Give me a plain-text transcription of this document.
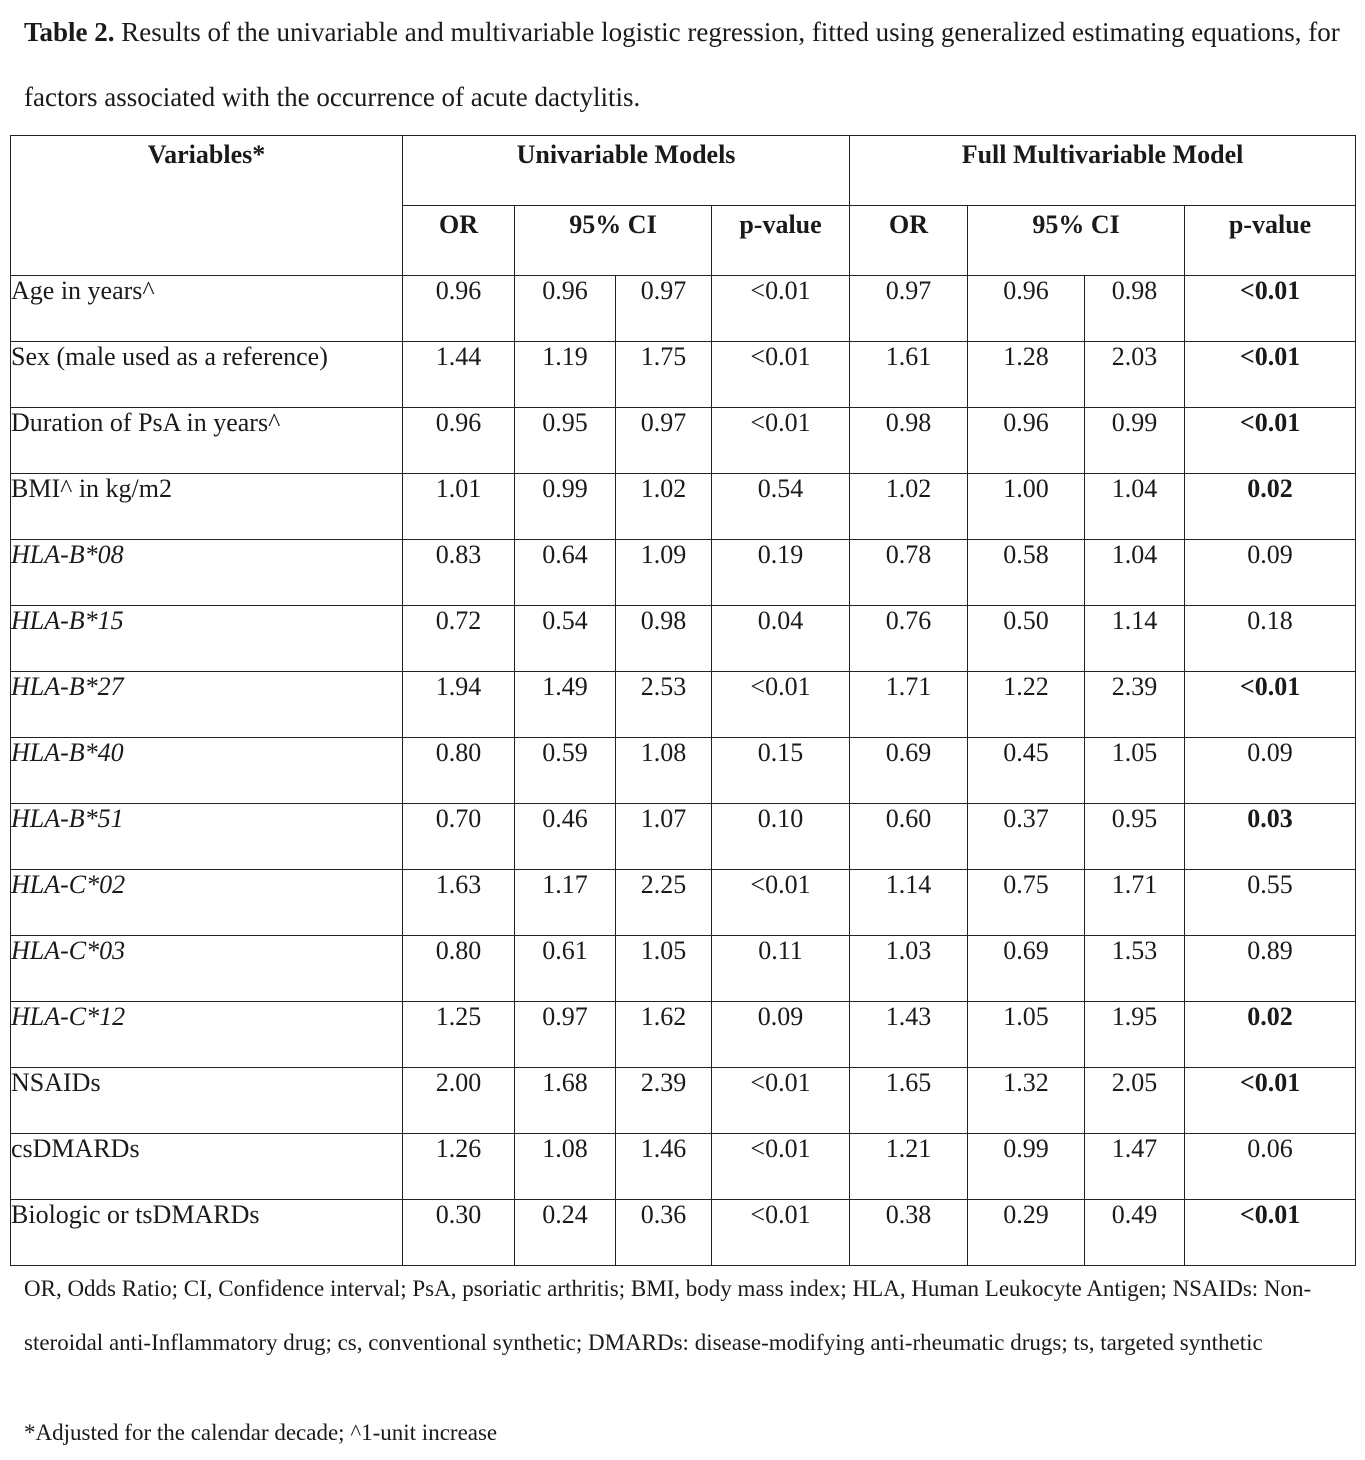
Table 2. Results of the univariable and multivariable logistic regression, fitted using generalized estimating equations, for factors associated with the occurrence of acute dactylitis.

Variables*	Univariable Models				Full Multivariable Model			
	OR	95% CI		p-value	OR	95% CI		p-value
Age in years^	0.96	0.96	0.97	<0.01	0.97	0.96	0.98	<0.01
Sex (male used as a reference)	1.44	1.19	1.75	<0.01	1.61	1.28	2.03	<0.01
Duration of PsA in years^	0.96	0.95	0.97	<0.01	0.98	0.96	0.99	<0.01
BMI^ in kg/m2	1.01	0.99	1.02	0.54	1.02	1.00	1.04	0.02
HLA-B*08	0.83	0.64	1.09	0.19	0.78	0.58	1.04	0.09
HLA-B*15	0.72	0.54	0.98	0.04	0.76	0.50	1.14	0.18
HLA-B*27	1.94	1.49	2.53	<0.01	1.71	1.22	2.39	<0.01
HLA-B*40	0.80	0.59	1.08	0.15	0.69	0.45	1.05	0.09
HLA-B*51	0.70	0.46	1.07	0.10	0.60	0.37	0.95	0.03
HLA-C*02	1.63	1.17	2.25	<0.01	1.14	0.75	1.71	0.55
HLA-C*03	0.80	0.61	1.05	0.11	1.03	0.69	1.53	0.89
HLA-C*12	1.25	0.97	1.62	0.09	1.43	1.05	1.95	0.02
NSAIDs	2.00	1.68	2.39	<0.01	1.65	1.32	2.05	<0.01
csDMARDs	1.26	1.08	1.46	<0.01	1.21	0.99	1.47	0.06
Biologic or tsDMARDs	0.30	0.24	0.36	<0.01	0.38	0.29	0.49	<0.01

OR, Odds Ratio; CI, Confidence interval; PsA, psoriatic arthritis; BMI, body mass index; HLA, Human Leukocyte Antigen; NSAIDs: Non-steroidal anti-Inflammatory drug; cs, conventional synthetic; DMARDs: disease-modifying anti-rheumatic drugs; ts, targeted synthetic

*Adjusted for the calendar decade; ^1-unit increase
